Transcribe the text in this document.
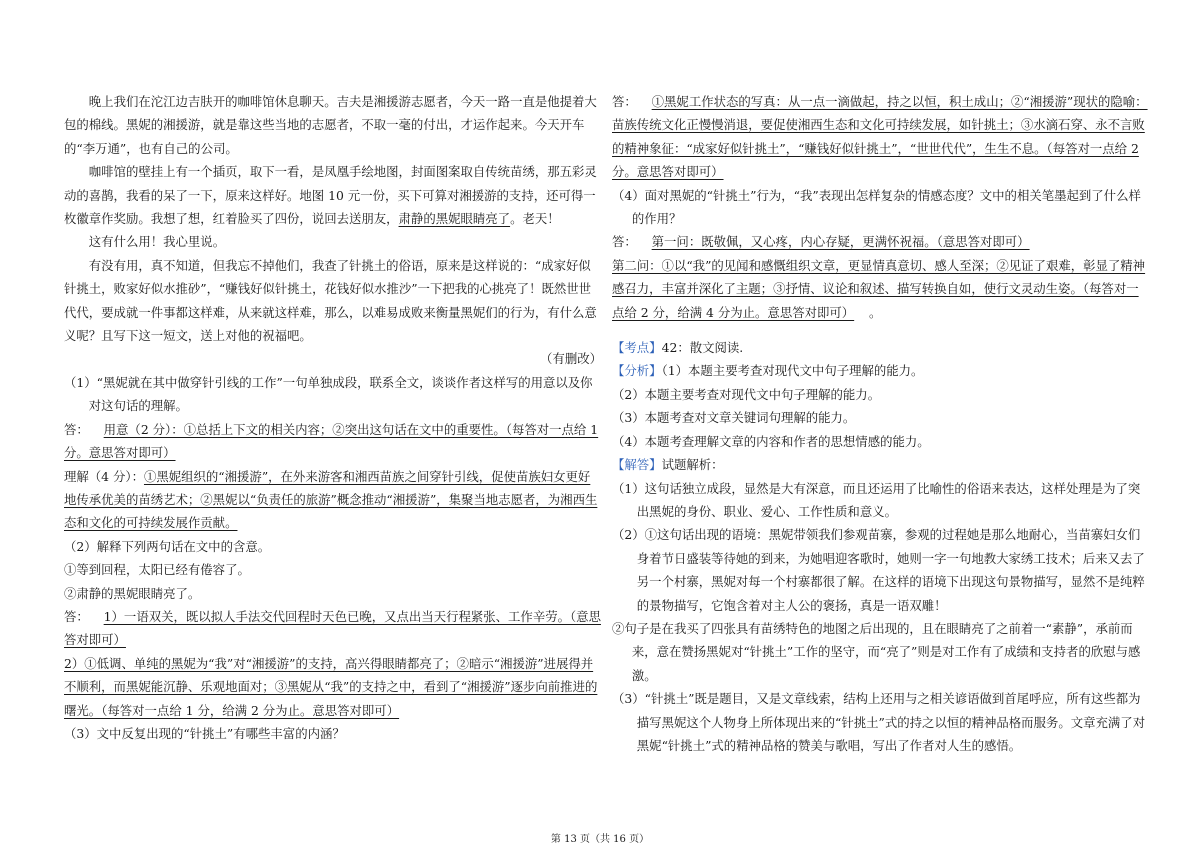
晚上我们在沱江边吉肤开的咖啡馆休息聊天。吉夫是湘援游志愿者，今天一路一直是他提着大包的棉线。黑妮的湘援游，就是靠这些当地的志愿者，不取一毫的付出，才运作起来。今天开车的“李万通”，也有自己的公司。

咖啡馆的壁挂上有一个插页，取下一看，是凤凰手绘地图，封面图案取自传统苗绣，那五彩灵动的喜鹊，我看的呆了一下，原来这样好。地图 10 元一份，买下可算对湘援游的支持，还可得一枚徽章作奖励。我想了想，红着脸买了四份，说回去送朋友，肃静的黑妮眼睛亮了。老天！

这有什么用！我心里说。

有没有用，真不知道，但我忘不掉他们，我查了针挑土的俗语，原来是这样说的：“成家好似针挑土，败家好似水推砂”，“赚钱好似针挑土，花钱好似水推沙”一下把我的心挑亮了！既然世世代代，要成就一件事都这样难，从来就这样难，那么，以难易成败来衡量黑妮们的行为，有什么意义呢？且写下这一短文，送上对他的祝福吧。

（有删改）

（1）“黑妮就在其中做穿针引线的工作”一句单独成段，联系全文，谈谈作者这样写的用意以及你对这句话的理解。

答： 用意（2 分）：①总括上下文的相关内容；②突出这句话在文中的重要性。（每答对一点给 1 分。意思答对即可）

理解（4 分）：①黑妮组织的“湘援游”，在外来游客和湘西苗族之间穿针引线，促使苗族妇女更好地传承优美的苗绣艺术；②黑妮以“负责任的旅游”概念推动“湘援游”，集聚当地志愿者，为湘西生态和文化的可持续发展作贡献。

（2）解释下列两句话在文中的含意。

①等到回程，太阳已经有倦容了。

②肃静的黑妮眼睛亮了。

答： 1）一语双关，既以拟人手法交代回程时天色已晚，又点出当天行程紧张、工作辛劳。（意思答对即可）

2）①低调、单纯的黑妮为“我”对“湘援游”的支持，高兴得眼睛都亮了；②暗示“湘援游”进展得并不顺利，而黑妮能沉静、乐观地面对；③黑妮从“我”的支持之中，看到了“湘援游”逐步向前推进的曙光。（每答对一点给 1 分，给满 2 分为止。意思答对即可）

（3）文中反复出现的“针挑土”有哪些丰富的内涵？

答： ①黑妮工作状态的写真：从一点一滴做起，持之以恒，积土成山；②“湘援游”现状的隐喻：苗族传统文化正慢慢消退，要促使湘西生态和文化可持续发展，如针挑土；③水滴石穿、永不言败的精神象征：“成家好似针挑土”，“赚钱好似针挑土”，“世世代代”，生生不息。（每答对一点给 2 分。意思答对即可）

（4）面对黑妮的“针挑土”行为，“我”表现出怎样复杂的情感态度？文中的相关笔墨起到了什么样的作用？

答： 第一问：既敬佩，又心疼，内心存疑，更满怀祝福。（意思答对即可）

第二问：①以“我”的见闻和感慨组织文章，更显情真意切、感人至深；②见证了艰难，彰显了精神感召力，丰富并深化了主题；③抒情、议论和叙述、描写转换自如，使行文灵动生姿。（每答对一点给 2 分，给满 4 分为止。意思答对即可） 。

【考点】42：散文阅读.

【分析】（1）本题主要考查对现代文中句子理解的能力。

（2）本题主要考查对现代文中句子理解的能力。

（3）本题考查对文章关键词句理解的能力。

（4）本题考查理解文章的内容和作者的思想情感的能力。

【解答】试题解析：

（1）这句话独立成段，显然是大有深意，而且还运用了比喻性的俗语来表达，这样处理是为了突出黑妮的身份、职业、爱心、工作性质和意义。

（2）①这句话出现的语境：黑妮带领我们参观苗寨，参观的过程她是那么地耐心，当苗寨妇女们身着节日盛装等待她的到来，为她唱迎客歌时，她则一字一句地教大家绣工技术；后来又去了另一个村寨，黑妮对每一个村寨都很了解。在这样的语境下出现这句景物描写，显然不是纯粹的景物描写，它饱含着对主人公的褒扬，真是一语双雕！

②句子是在我买了四张具有苗绣特色的地图之后出现的，且在眼睛亮了之前着一“素静”，承前而来，意在赞扬黑妮对“针挑土”工作的坚守，而“亮了”则是对工作有了成绩和支持者的欣慰与感激。

（3）“针挑土”既是题目，又是文章线索，结构上还用与之相关谚语做到首尾呼应，所有这些都为描写黑妮这个人物身上所体现出来的“针挑土”式的持之以恒的精神品格而服务。文章充满了对黑妮“针挑土”式的精神品格的赞美与歌唱，写出了作者对人生的感悟。

第 13 页（共 16 页）
